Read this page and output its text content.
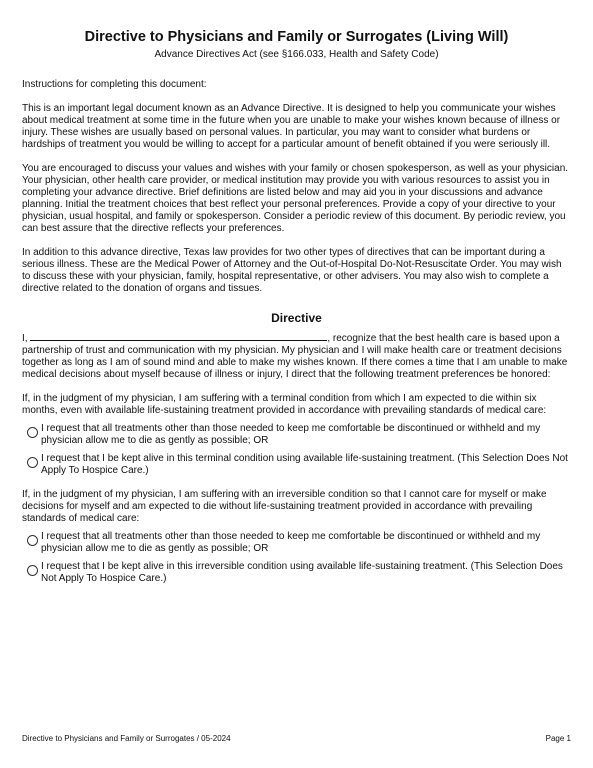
Directive to Physicians and Family or Surrogates (Living Will)
Advance Directives Act (see §166.033, Health and Safety Code)

Instructions for completing this document:

This is an important legal document known as an Advance Directive. It is designed to help you communicate your wishes about medical treatment at some time in the future when you are unable to make your wishes known because of illness or injury. These wishes are usually based on personal values. In particular, you may want to consider what burdens or hardships of treatment you would be willing to accept for a particular amount of benefit obtained if you were seriously ill.

You are encouraged to discuss your values and wishes with your family or chosen spokesperson, as well as your physician. Your physician, other health care provider, or medical institution may provide you with various resources to assist you in completing your advance directive. Brief definitions are listed below and may aid you in your discussions and advance planning. Initial the treatment choices that best reflect your personal preferences. Provide a copy of your directive to your physician, usual hospital, and family or spokesperson. Consider a periodic review of this document. By periodic review, you can best assure that the directive reflects your preferences.

In addition to this advance directive, Texas law provides for two other types of directives that can be important during a serious illness. These are the Medical Power of Attorney and the Out-of-Hospital Do-Not-Resuscitate Order. You may wish to discuss these with your physician, family, hospital representative, or other advisers. You may also wish to complete a directive related to the donation of organs and tissues.

Directive

I,	, recognize that the best health care is based upon a partnership of trust and communication with my physician. My physician and I will make health care or treatment decisions together as long as I am of sound mind and able to make my wishes known. If there comes a time that I am unable to make medical decisions about myself because of illness or injury, I direct that the following treatment preferences be honored:

If, in the judgment of my physician, I am suffering with a terminal condition from which I am expected to die within six months, even with available life-sustaining treatment provided in accordance with prevailing standards of medical care:

I request that all treatments other than those needed to keep me comfortable be discontinued or withheld and my physician allow me to die as gently as possible; OR
I request that I be kept alive in this terminal condition using available life-sustaining treatment. (This Selection Does Not Apply To Hospice Care.)

If, in the judgment of my physician, I am suffering with an irreversible condition so that I cannot care for myself or make decisions for myself and am expected to die without life-sustaining treatment provided in accordance with prevailing standards of medical care:

I request that all treatments other than those needed to keep me comfortable be discontinued or withheld and my physician allow me to die as gently as possible; OR
I request that I be kept alive in this irreversible condition using available life-sustaining treatment. (This Selection Does Not Apply To Hospice Care.)
Directive to Physicians and Family or Surrogates / 05-2024	Page 1
